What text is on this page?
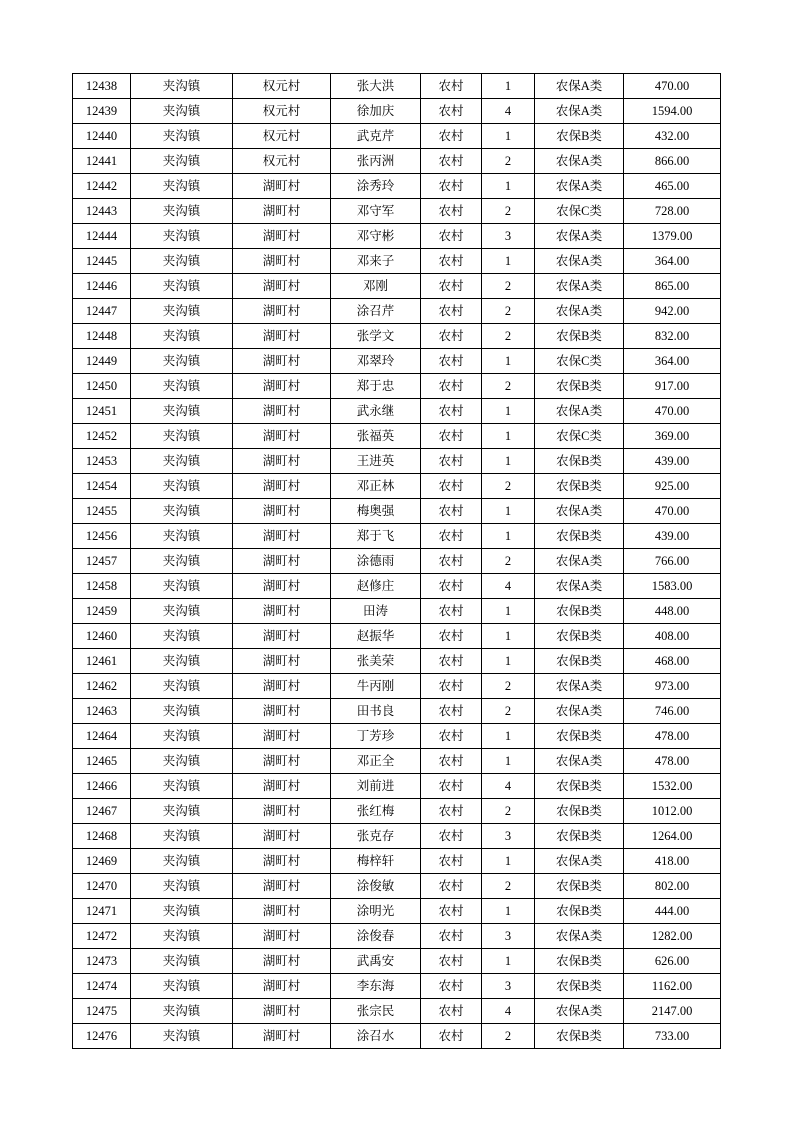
12438	夹沟镇	权元村	张大洪	农村	1	农保A类	470.00
12439	夹沟镇	权元村	徐加庆	农村	4	农保A类	1594.00
12440	夹沟镇	权元村	武克芹	农村	1	农保B类	432.00
12441	夹沟镇	权元村	张丙洲	农村	2	农保A类	866.00
12442	夹沟镇	湖町村	涂秀玲	农村	1	农保A类	465.00
12443	夹沟镇	湖町村	邓守军	农村	2	农保C类	728.00
12444	夹沟镇	湖町村	邓守彬	农村	3	农保A类	1379.00
12445	夹沟镇	湖町村	邓来子	农村	1	农保A类	364.00
12446	夹沟镇	湖町村	邓刚	农村	2	农保A类	865.00
12447	夹沟镇	湖町村	涂召芹	农村	2	农保A类	942.00
12448	夹沟镇	湖町村	张学文	农村	2	农保B类	832.00
12449	夹沟镇	湖町村	邓翠玲	农村	1	农保C类	364.00
12450	夹沟镇	湖町村	郑于忠	农村	2	农保B类	917.00
12451	夹沟镇	湖町村	武永继	农村	1	农保A类	470.00
12452	夹沟镇	湖町村	张福英	农村	1	农保C类	369.00
12453	夹沟镇	湖町村	王进英	农村	1	农保B类	439.00
12454	夹沟镇	湖町村	邓正林	农村	2	农保B类	925.00
12455	夹沟镇	湖町村	梅奥强	农村	1	农保A类	470.00
12456	夹沟镇	湖町村	郑于飞	农村	1	农保B类	439.00
12457	夹沟镇	湖町村	涂德雨	农村	2	农保A类	766.00
12458	夹沟镇	湖町村	赵修庄	农村	4	农保A类	1583.00
12459	夹沟镇	湖町村	田涛	农村	1	农保B类	448.00
12460	夹沟镇	湖町村	赵振华	农村	1	农保B类	408.00
12461	夹沟镇	湖町村	张美荣	农村	1	农保B类	468.00
12462	夹沟镇	湖町村	牛丙刚	农村	2	农保A类	973.00
12463	夹沟镇	湖町村	田书良	农村	2	农保A类	746.00
12464	夹沟镇	湖町村	丁芳珍	农村	1	农保B类	478.00
12465	夹沟镇	湖町村	邓正全	农村	1	农保A类	478.00
12466	夹沟镇	湖町村	刘前进	农村	4	农保B类	1532.00
12467	夹沟镇	湖町村	张红梅	农村	2	农保B类	1012.00
12468	夹沟镇	湖町村	张克存	农村	3	农保B类	1264.00
12469	夹沟镇	湖町村	梅梓轩	农村	1	农保A类	418.00
12470	夹沟镇	湖町村	涂俊敏	农村	2	农保B类	802.00
12471	夹沟镇	湖町村	涂明光	农村	1	农保B类	444.00
12472	夹沟镇	湖町村	涂俊春	农村	3	农保A类	1282.00
12473	夹沟镇	湖町村	武禹安	农村	1	农保B类	626.00
12474	夹沟镇	湖町村	李东海	农村	3	农保B类	1162.00
12475	夹沟镇	湖町村	张宗民	农村	4	农保A类	2147.00
12476	夹沟镇	湖町村	涂召水	农村	2	农保B类	733.00
